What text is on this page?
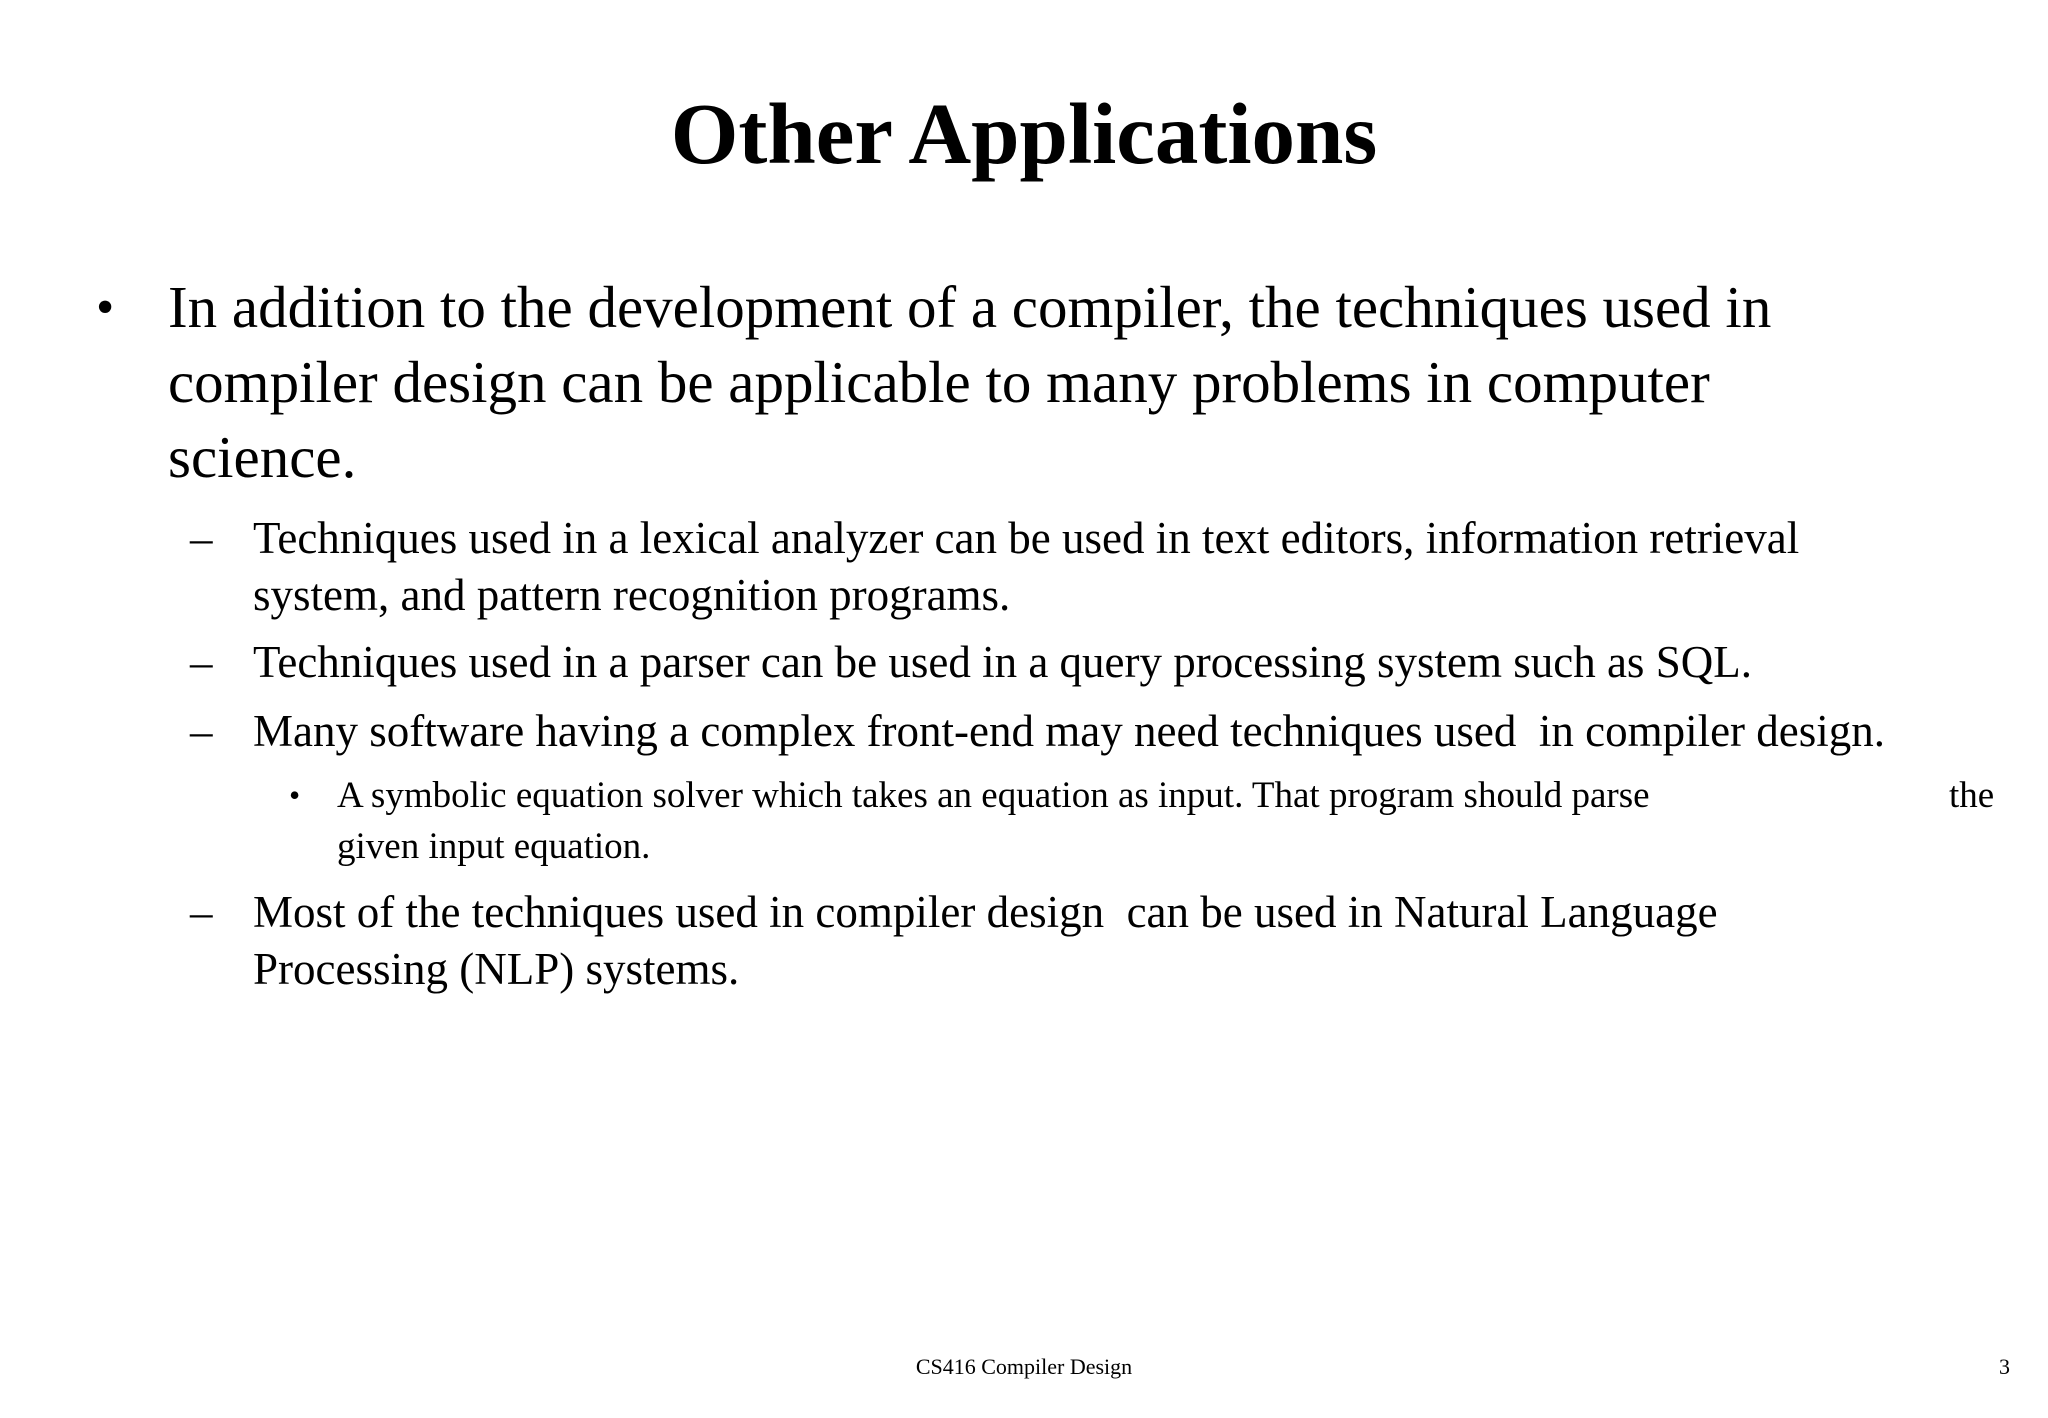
Other Applications
• In addition to the development of a compiler, the techniques used in
compiler design can be applicable to many problems in computer
science.
– Techniques used in a lexical analyzer can be used in text editors, information retrieval
system, and pattern recognition programs.
– Techniques used in a parser can be used in a query processing system such as SQL.
– Many software having a complex front-end may need techniques used  in compiler design.
• A symbolic equation solver which takes an equation as input. That program should parse	the
given input equation.
– Most of the techniques used in compiler design  can be used in Natural Language
Processing (NLP) systems.
CS416 Compiler Design	3
